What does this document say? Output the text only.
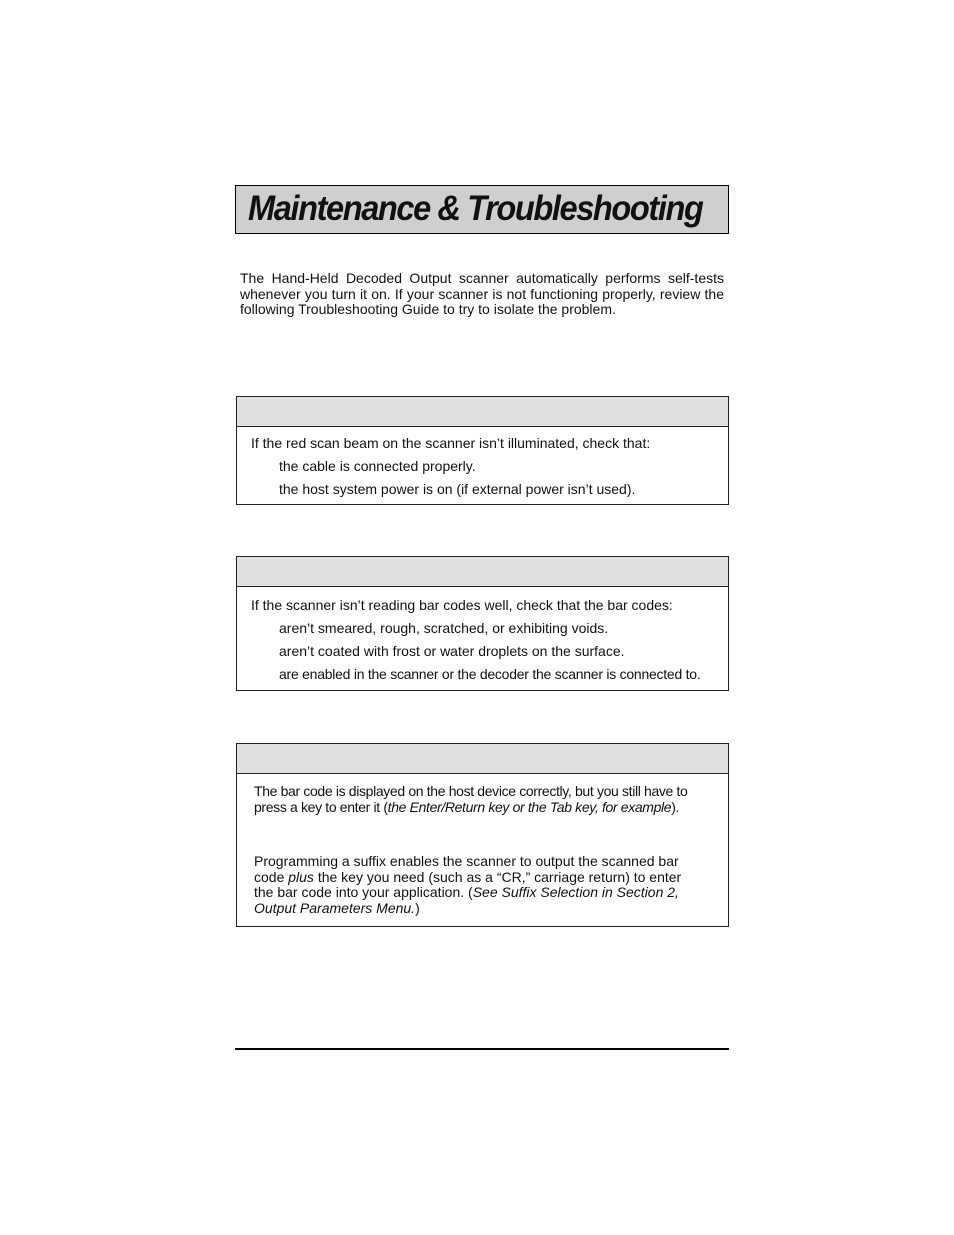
Maintenance & Troubleshooting

The Hand-Held Decoded Output scanner automatically performs self-tests whenever you turn it on. If your scanner is not functioning properly, review the following Troubleshooting Guide to try to isolate the problem.

If the red scan beam on the scanner isn’t illuminated, check that:

the cable is connected properly.
the host system power is on (if external power isn’t used).

If the scanner isn’t reading bar codes well, check that the bar codes:

aren’t smeared, rough, scratched, or exhibiting voids.
aren’t coated with frost or water droplets on the surface.
are enabled in the scanner or the decoder the scanner is connected to.

The bar code is displayed on the host device correctly, but you still have to press a key to enter it (the Enter/Return key or the Tab key, for example).

Programming a suffix enables the scanner to output the scanned bar code plus the key you need (such as a “CR,” carriage return) to enter the bar code into your application. (See Suffix Selection in Section 2, Output Parameters Menu.)
